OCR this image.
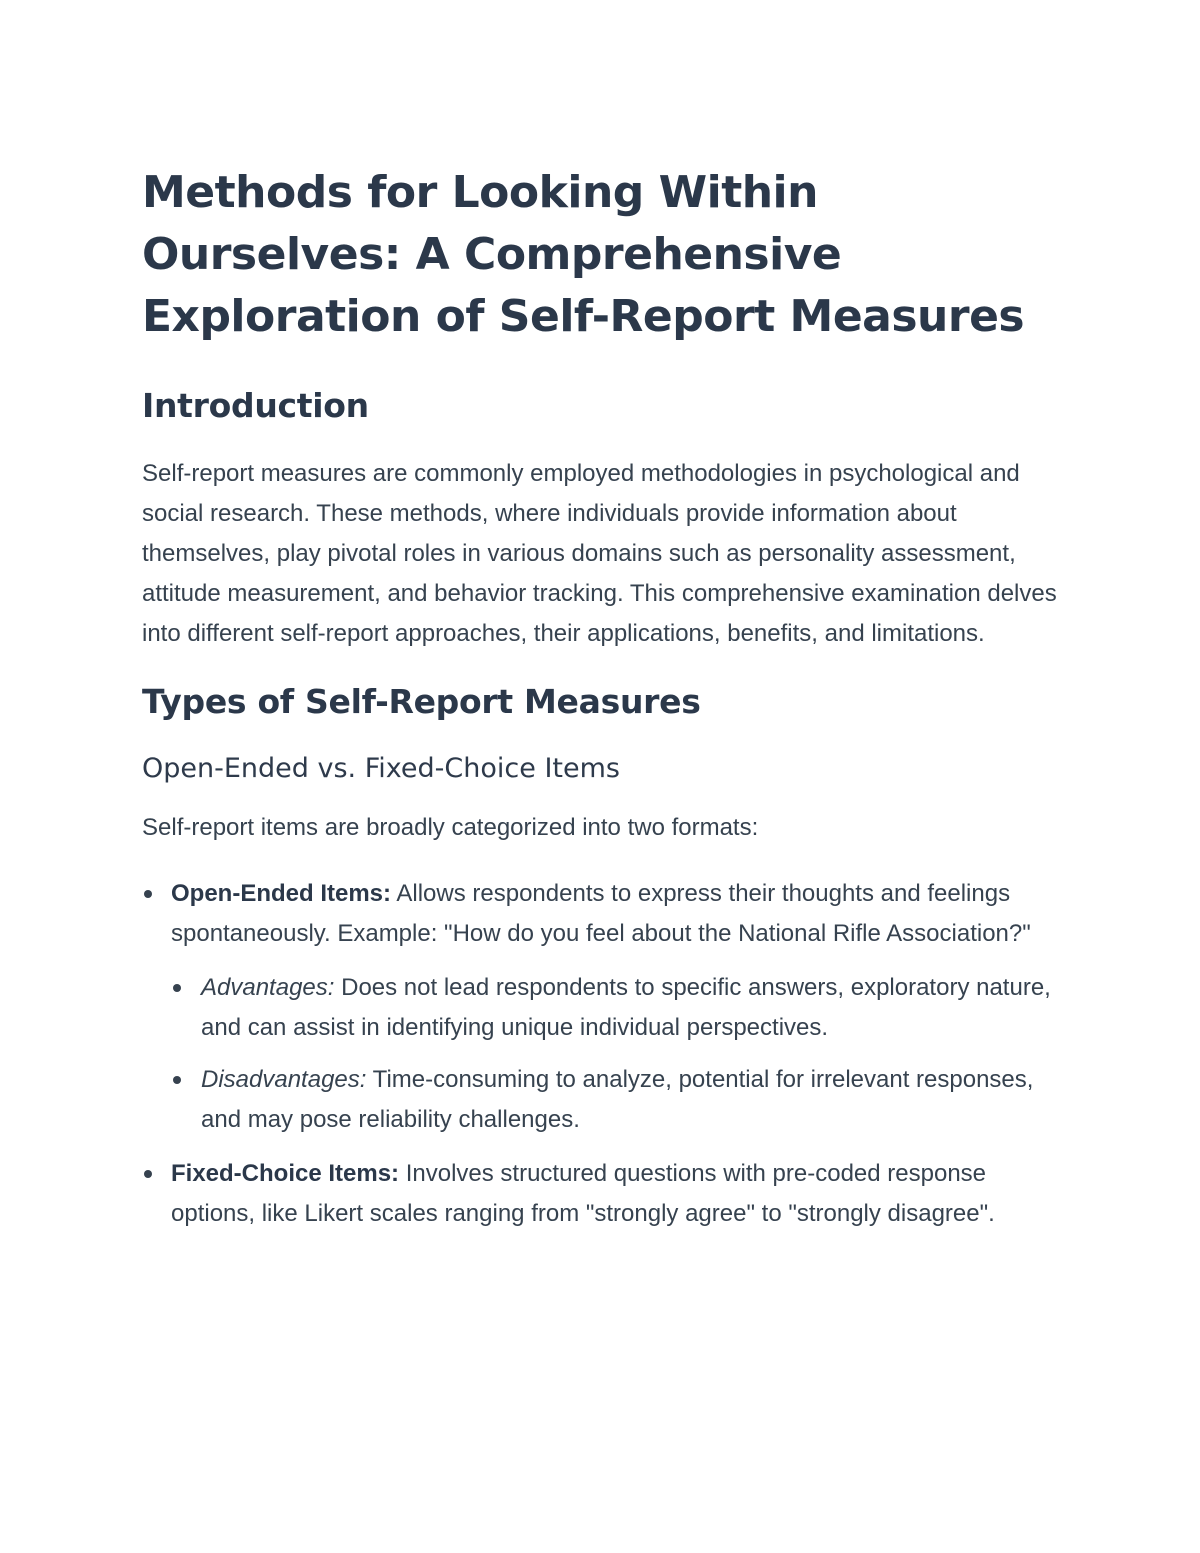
Methods for Looking Within Ourselves: A Comprehensive Exploration of Self-Report Measures
Introduction

Self-report measures are commonly employed methodologies in psychological and social research. These methods, where individuals provide information about themselves, play pivotal roles in various domains such as personality assessment, attitude measurement, and behavior tracking. This comprehensive examination delves into different self-report approaches, their applications, benefits, and limitations.

Types of Self-Report Measures
Open-Ended vs. Fixed-Choice Items

Self-report items are broadly categorized into two formats:

Open-Ended Items: Allows respondents to express their thoughts and feelings spontaneously. Example: "How do you feel about the National Rifle Association?"
Advantages: Does not lead respondents to specific answers, exploratory nature, and can assist in identifying unique individual perspectives.
Disadvantages: Time-consuming to analyze, potential for irrelevant responses, and may pose reliability challenges.
Fixed-Choice Items: Involves structured questions with pre-coded response options, like Likert scales ranging from "strongly agree" to "strongly disagree".
